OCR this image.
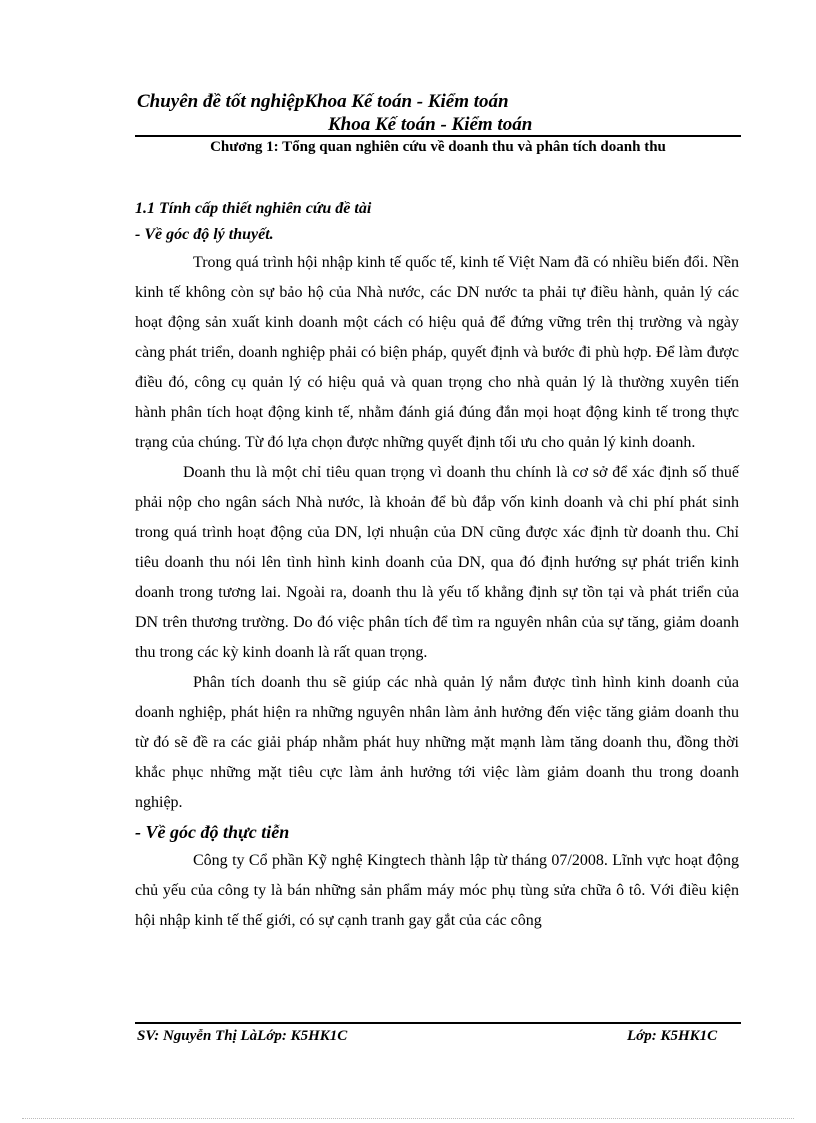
Chuyên đề tốt nghiệpKhoa Kế toán - Kiểm toán
Khoa Kế toán - Kiểm toán
Chương 1: Tổng quan nghiên cứu về doanh thu và phân tích doanh thu
1.1 Tính cấp thiết nghiên cứu đề tài
- Về góc độ lý thuyết.

Trong quá trình hội nhập kinh tế quốc tế, kinh tế Việt Nam đã có nhiều biến đổi. Nền kinh tế không còn sự bảo hộ của Nhà nước, các DN nước ta phải tự điều hành, quản lý các hoạt động sản xuất kinh doanh một cách có hiệu quả để đứng vững trên thị trường và ngày càng phát triển, doanh nghiệp phải có biện pháp, quyết định và bước đi phù hợp. Để làm được điều đó, công cụ quản lý có hiệu quả và quan trọng cho nhà quản lý là thường xuyên tiến hành phân tích hoạt động kinh tế, nhằm đánh giá đúng đắn mọi hoạt động kinh tế trong thực trạng của chúng. Từ đó lựa chọn được những quyết định tối ưu cho quản lý kinh doanh.

Doanh thu là một chỉ tiêu quan trọng vì doanh thu chính là cơ sở để xác định số thuế phải nộp cho ngân sách Nhà nước, là khoản để bù đắp vốn kinh doanh và chi phí phát sinh trong quá trình hoạt động của DN, lợi nhuận của DN cũng được xác định từ doanh thu. Chỉ tiêu doanh thu nói lên tình hình kinh doanh của DN, qua đó định hướng sự phát triển kinh doanh trong tương lai. Ngoài ra, doanh thu là yếu tố khẳng định sự tồn tại và phát triển của DN trên thương trường. Do đó việc phân tích để tìm ra nguyên nhân của sự tăng, giảm doanh thu trong các kỳ kinh doanh là rất quan trọng.

Phân tích doanh thu sẽ giúp các nhà quản lý nắm được tình hình kinh doanh của doanh nghiệp, phát hiện ra những nguyên nhân làm ảnh hưởng đến việc tăng giảm doanh thu từ đó sẽ đề ra các giải pháp nhằm phát huy những mặt mạnh làm tăng doanh thu, đồng thời khắc phục những mặt tiêu cực làm ảnh hưởng tới việc làm giảm doanh thu trong doanh nghiệp.

- Về góc độ thực tiễn

Công ty Cổ phần Kỹ nghệ Kingtech thành lập từ tháng 07/2008. Lĩnh vực hoạt động chủ yếu của công ty là bán những sản phẩm máy móc phụ tùng sửa chữa ô tô. Với điều kiện hội nhập kinh tế thế giới, có sự cạnh tranh gay gắt của các công

SV: Nguyễn Thị LàLớp: K5HK1C	Lớp: K5HK1C
